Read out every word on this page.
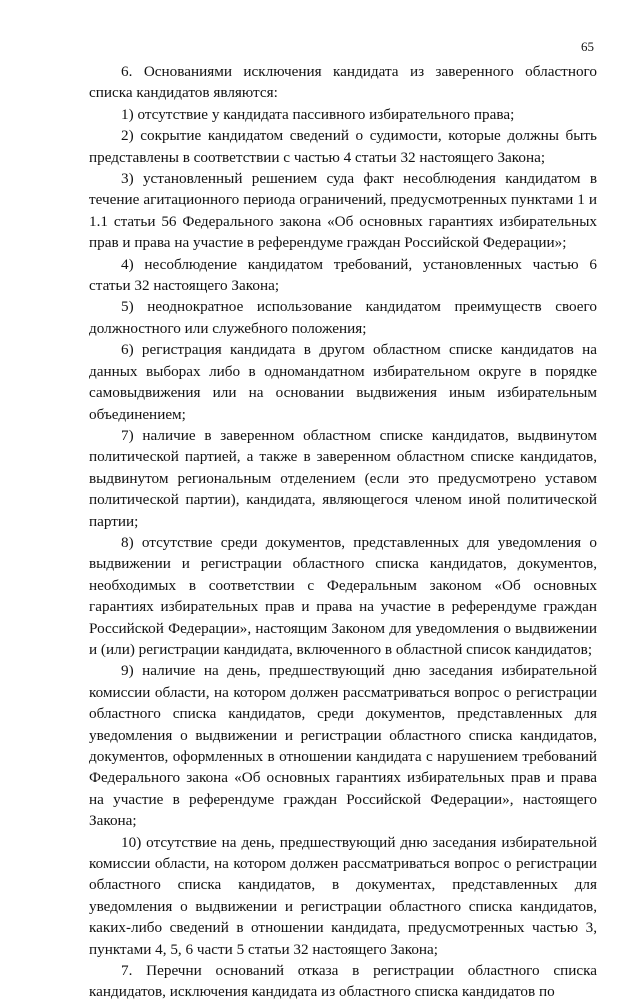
65

6. Основаниями исключения кандидата из заверенного областного списка кандидатов являются:

1) отсутствие у кандидата пассивного избирательного права;

2) сокрытие кандидатом сведений о судимости, которые должны быть представлены в соответствии с частью 4 статьи 32 настоящего Закона;

3) установленный решением суда факт несоблюдения кандидатом в течение агитационного периода ограничений, предусмотренных пунктами 1 и 1.1 статьи 56 Федерального закона «Об основных гарантиях избирательных прав и права на участие в референдуме граждан Российской Федерации»;

4) несоблюдение кандидатом требований, установленных частью 6 статьи 32 настоящего Закона;

5) неоднократное использование кандидатом преимуществ своего должностного или служебного положения;

6) регистрация кандидата в другом областном списке кандидатов на данных выборах либо в одномандатном избирательном округе в порядке самовыдвижения или на основании выдвижения иным избирательным объединением;

7) наличие в заверенном областном списке кандидатов, выдвинутом политической партией, а также в заверенном областном списке кандидатов, выдвинутом региональным отделением (если это предусмотрено уставом политической партии), кандидата, являющегося членом иной политической партии;

8) отсутствие среди документов, представленных для уведомления о выдвижении и регистрации областного списка кандидатов, документов, необходимых в соответствии с Федеральным законом «Об основных гарантиях избирательных прав и права на участие в референдуме граждан Российской Федерации», настоящим Законом для уведомления о выдвижении и (или) регистрации кандидата, включенного в областной список кандидатов;

9) наличие на день, предшествующий дню заседания избирательной комиссии области, на котором должен рассматриваться вопрос о регистрации областного списка кандидатов, среди документов, представленных для уведомления о выдвижении и регистрации областного списка кандидатов, документов, оформленных в отношении кандидата с нарушением требований Федерального закона «Об основных гарантиях избирательных прав и права на участие в референдуме граждан Российской Федерации», настоящего Закона;

10) отсутствие на день, предшествующий дню заседания избирательной комиссии области, на котором должен рассматриваться вопрос о регистрации областного списка кандидатов, в документах, представленных для уведомления о выдвижении и регистрации областного списка кандидатов, каких-либо сведений в отношении кандидата, предусмотренных частью 3, пунктами 4, 5, 6 части 5 статьи 32 настоящего Закона;

7. Перечни оснований отказа в регистрации областного списка кандидатов, исключения кандидата из областного списка кандидатов по
